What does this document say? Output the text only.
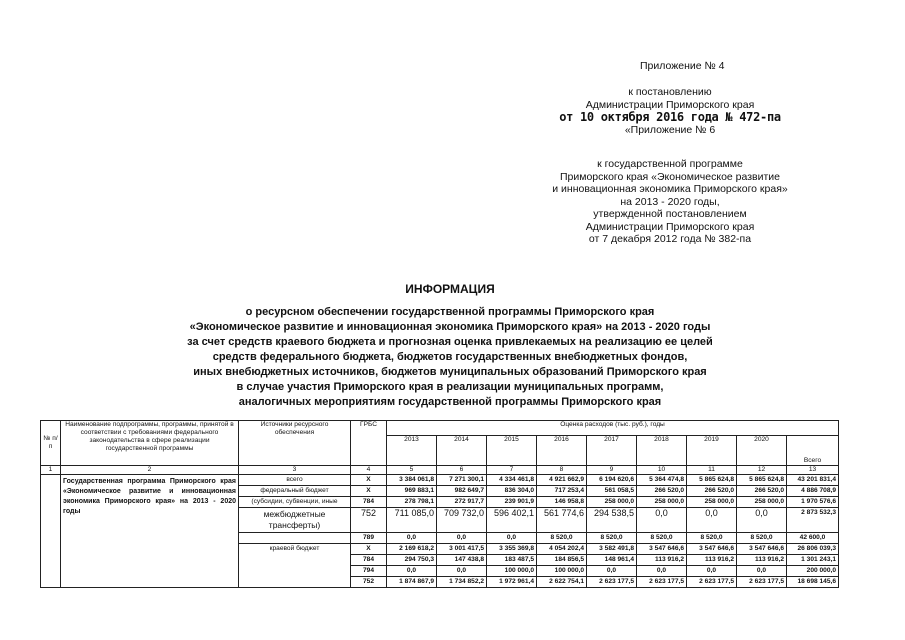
Приложение № 4
к постановлению
Администрации Приморского края
от 10 октября 2016 года № 472-па
«Приложение № 6
к государственной программе
Приморского края «Экономическое развитие
и инновационная экономика Приморского края»
на 2013 - 2020 годы,
утвержденной постановлением
Администрации Приморского края
от 7 декабря 2012 года № 382-па
ИНФОРМАЦИЯ
о ресурсном обеспечении государственной программы Приморского края
«Экономическое развитие и инновационная экономика Приморского края» на 2013 - 2020 годы
за счет средств краевого бюджета и прогнозная оценка привлекаемых на реализацию ее целей
средств федерального бюджета, бюджетов государственных внебюджетных фондов,
иных внебюджетных источников, бюджетов муниципальных образований Приморского края
в случае участия Приморского края в реализации муниципальных программ,
аналогичных мероприятиям государственной программы Приморского края
№ п/п	Наименование подпрограммы, программы, принятой в соответствии с требованиями федерального законодательства в сфере реализации государственной программы	Источники ресурсного обеспечения	ГРБС	Оценка расходов (тыс. руб.), годы								
				2013	2014	2015	2016	2017	2018	2019	2020	Всего
1	2	3	4	5	6	7	8	9	10	11	12	13
	Государственная программа Приморского края «Экономическое развитие и инновационная экономика Приморского края» на 2013 - 2020 годы	всего	X	3 384 061,8	7 271 300,1	4 334 461,8	4 921 662,9	6 194 620,6	5 364 474,8	5 865 624,8	5 865 624,8	43 201 831,4
		федеральный бюджет	X	969 883,1	982 649,7	836 304,0	717 253,4	561 058,5	266 520,0	266 520,0	266 520,0	4 886 708,9
		(субсидии, субвенции, иные	784	278 798,1	272 917,7	239 901,9	146 958,8	258 000,0	258 000,0	258 000,0	258 000,0	1 970 576,6
		межбюджетные трансферты)	752	711 085,0	709 732,0	596 402,1	561 774,6	294 538,5	0,0	0,0	0,0	2 873 532,3
			789	0,0	0,0	0,0	8 520,0	8 520,0	8 520,0	8 520,0	8 520,0	42 600,0
		краевой бюджет	X	2 169 618,2	3 001 417,5	3 355 369,8	4 054 202,4	3 582 491,8	3 547 646,6	3 547 646,6	3 547 646,6	26 806 039,3
			784	294 750,3	147 438,8	183 487,5	184 856,5	148 961,4	113 916,2	113 916,2	113 916,2	1 301 243,1
			794	0,0	0,0	100 000,0	100 000,0	0,0	0,0	0,0	0,0	200 000,0
			752	1 874 867,9	1 734 852,2	1 972 961,4	2 622 754,1	2 623 177,5	2 623 177,5	2 623 177,5	2 623 177,5	18 698 145,6
